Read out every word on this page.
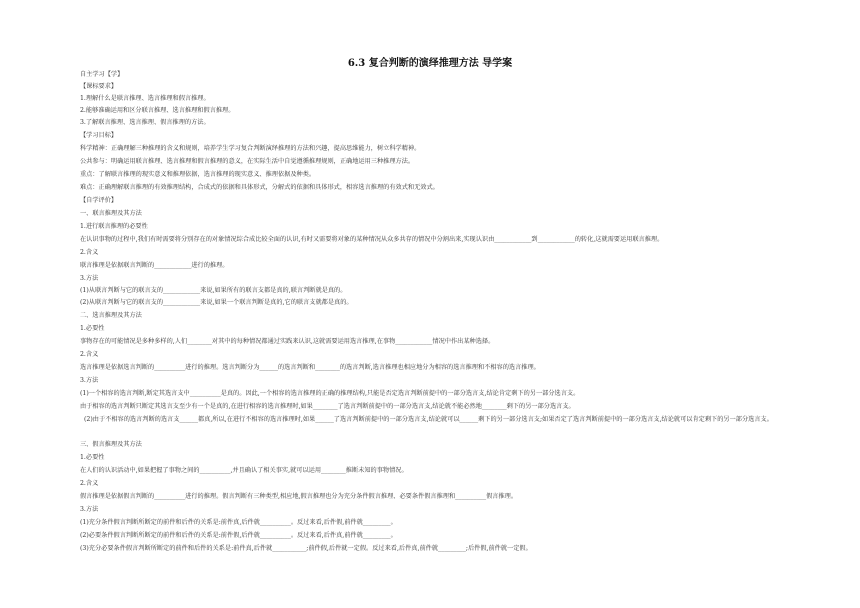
6.3 复合判断的演绎推理方法 导学案
自主学习【学】
【课标要求】
1.理解什么是联言推理、选言推理和假言推理。
2.能够准确运用和区分联言推理、选言推理和假言推理。
3.了解联言推理、选言推理、假言推理的方法。
【学习目标】
科学精神：正确理解三种推理的含义和规则，培养学生学习复合判断演绎推理的方法和兴趣，提高思维能力，树立科学精神。
公共参与：明确运用联言推理、选言推理和假言推理的意义，在实际生活中自觉遵循推理规则，正确地运用三种推理方法。
重点：了解联言推理的现实意义和推理依据，选言推理的现实意义、推理依据及种类。
难点：正确理解联言推理的有效推理结构，合成式的依据和具体形式，分解式的依据和具体形式，相容选言推理的有效式和无效式。
【自学评价】
一、联言推理及其方法
1.进行联言推理的必要性
在认识事物的过程中,我们有时需要将分别存在的对象情况综合成比较全面的认识,有时又需要将对象的某种情况从众多共存的情况中分割出来,实现认识由____________到____________的转化,这就需要运用联言推理。
2.含义
联言推理是依据联言判断的____________进行的推理。
3.方法
(1)从联言判断与它的联言支的____________来说,如果所有的联言支都是真的,联言判断就是真的。
(2)从联言判断与它的联言支的____________来说,如果一个联言判断是真的,它的联言支就都是真的。
二、选言推理及其方法
1.必要性
事物存在的可能情况是多种多样的,人们________对其中的每种情况都通过实践来认识,这就需要运用选言推理,在事物____________情况中作出某种选择。
2.含义
选言推理是依据选言判断的__________进行的推理。选言判断分为______的选言判断和________的选言判断,选言推理也相应地分为相容的选言推理和不相容的选言推理。
3.方法
(1)一个相容的选言判断,断定其选言支中__________是真的。因此,一个相容的选言推理的正确的推理结构,只能是否定选言判断前提中的一部分选言支,结论肯定剩下的另一部分选言支。
由于相容的选言判断只断定其选言支至少有一个是真的,在进行相容的选言推理时,如果________了选言判断前提中的一部分选言支,结论就不能必然地________剩下的另一部分选言支。
(2)由于不相容的选言判断的选言支______都真,所以,在进行不相容的选言推理时,如果______了选言判断前提中的一部分选言支,结论就可以______剩下的另一部分选言支;如果否定了选言判断前提中的一部分选言支,结论就可以肯定剩下的另一部分选言支。
三、假言推理及其方法
1.必要性
在人们的认识活动中,如果把握了事物之间的__________,并且确认了相关事实,就可以运用________推断未知的事物情况。
2.含义
假言推理是依据假言判断的__________进行的推理。假言判断有三种类型,相应地,假言推理也分为充分条件假言推理、必要条件假言推理和__________假言推理。
3.方法
(1)充分条件假言判断所断定的前件和后件的关系是:前件真,后件就__________。反过来看,后件假,前件就_________。
(2)必要条件假言判断所断定的前件和后件的关系是:前件假,后件就__________。反过来看,后件真,前件就_________。
(3)充分必要条件假言判断所断定的前件和后件的关系是:前件真,后件就___________;前件假,后件就一定假。反过来看,后件真,前件就_________;后件假,前件就一定假。
